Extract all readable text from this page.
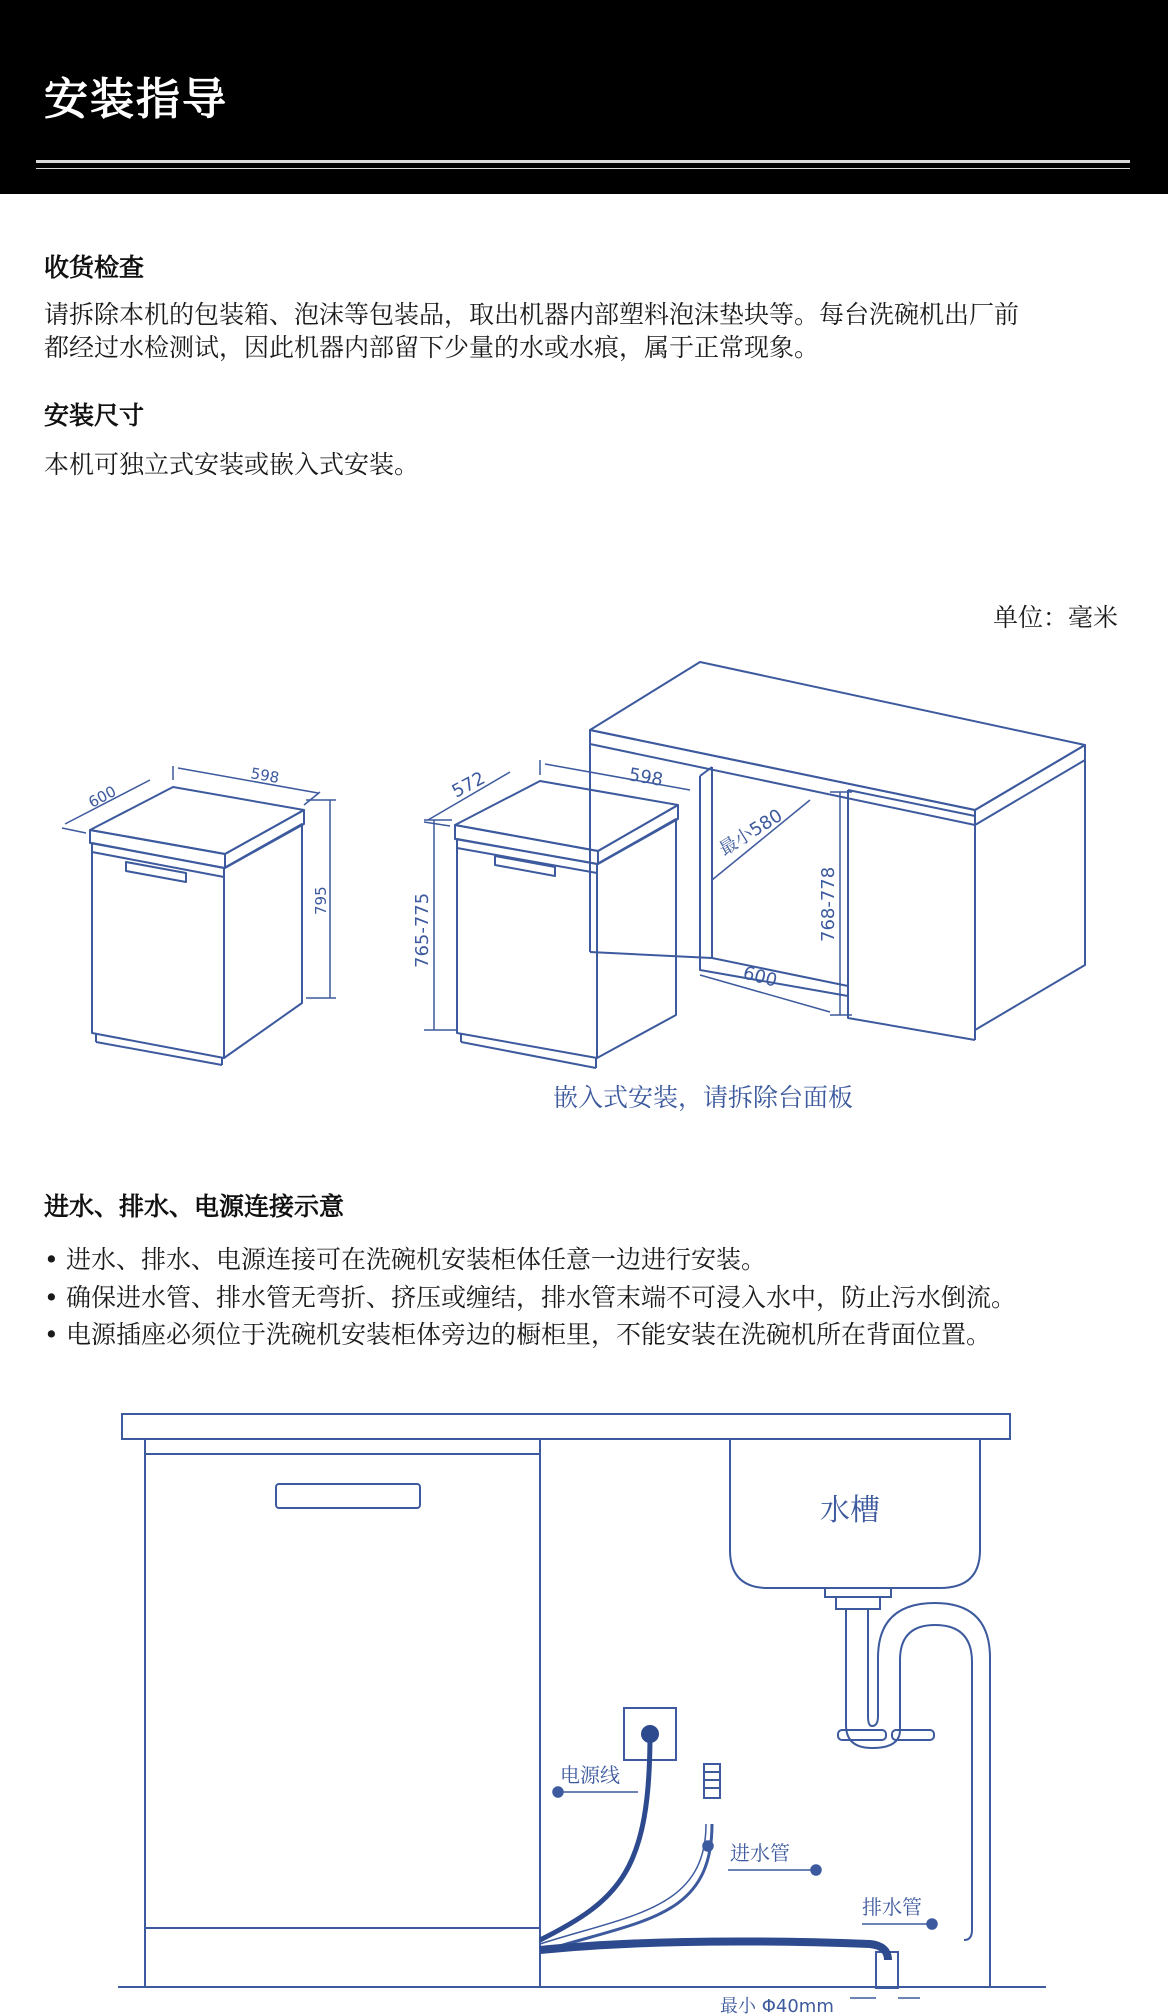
安装指导
收货检查
请拆除本机的包装箱、泡沫等包装品，取出机器内部塑料泡沫垫块等。每台洗碗机出厂前
都经过水检测试，因此机器内部留下少量的水或水痕，属于正常现象。
安装尺寸
本机可独立式安装或嵌入式安装。
单位：毫米
600
598
795
572	598
765-775
最小580
600
768-778
嵌入式安装，请拆除台面板
进水、排水、电源连接示意
• 进水、排水、电源连接可在洗碗机安装柜体任意一边进行安装。
• 确保进水管、排水管无弯折、挤压或缠结，排水管末端不可浸入水中，防止污水倒流。
• 电源插座必须位于洗碗机安装柜体旁边的橱柜里，不能安装在洗碗机所在背面位置。
水槽
电源线
进水管
排水管
最小 Φ40mm
